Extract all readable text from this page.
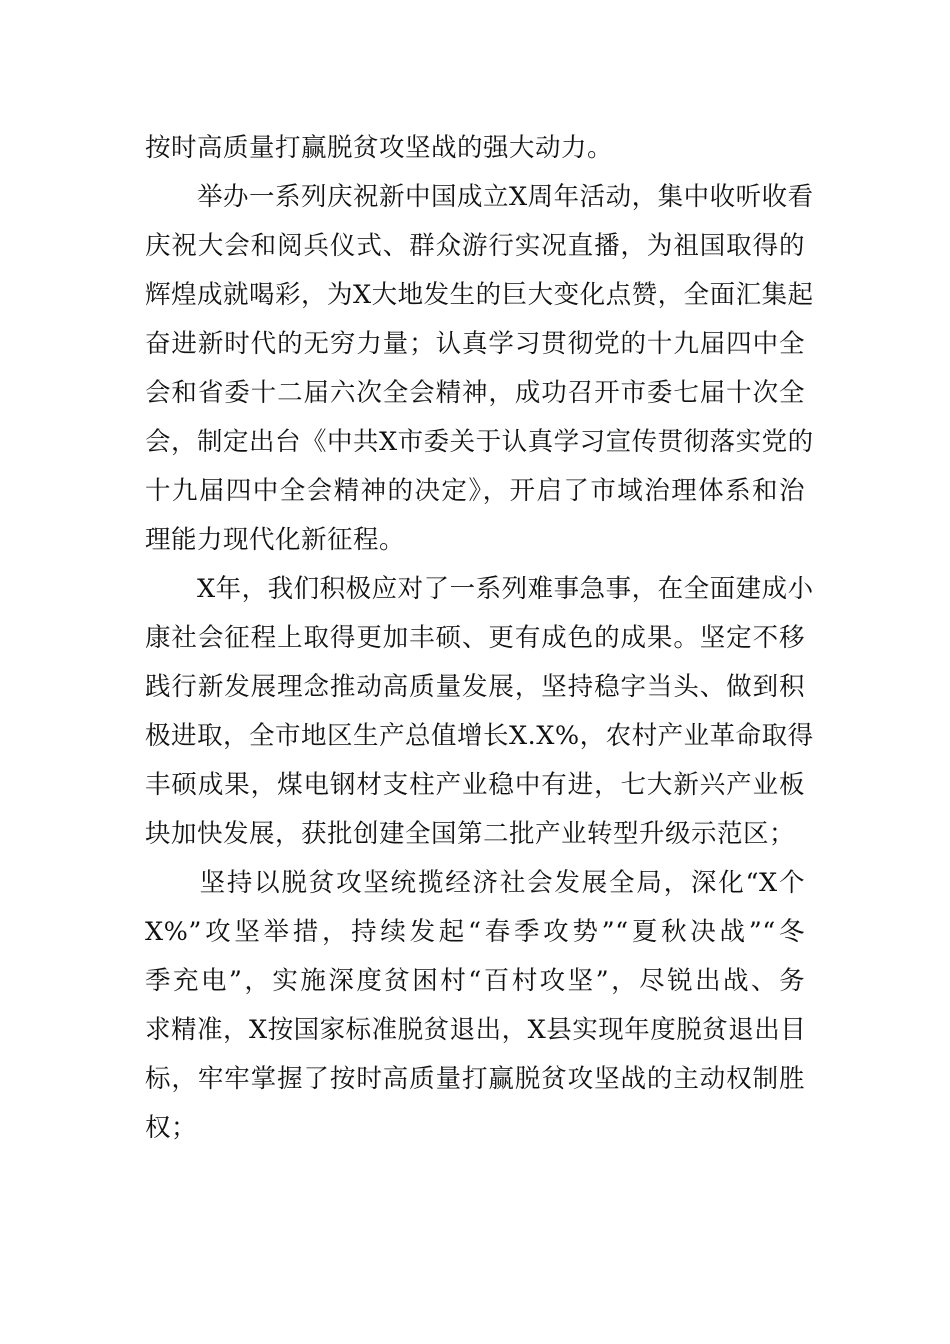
按时高质量打赢脱贫攻坚战的强大动力。
　　举办一系列庆祝新中国成立X周年活动，集中收听收看
庆祝大会和阅兵仪式、群众游行实况直播，为祖国取得的
辉煌成就喝彩，为X大地发生的巨大变化点赞，全面汇集起
奋进新时代的无穷力量；认真学习贯彻党的十九届四中全
会和省委十二届六次全会精神，成功召开市委七届十次全
会，制定出台《中共X市委关于认真学习宣传贯彻落实党的
十九届四中全会精神的决定》，开启了市域治理体系和治
理能力现代化新征程。
　　X年，我们积极应对了一系列难事急事，在全面建成小
康社会征程上取得更加丰硕、更有成色的成果。坚定不移
践行新发展理念推动高质量发展，坚持稳字当头、做到积
极进取，全市地区生产总值增长X.X%，农村产业革命取得
丰硕成果，煤电钢材支柱产业稳中有进，七大新兴产业板
块加快发展，获批创建全国第二批产业转型升级示范区；
　　坚持以脱贫攻坚统揽经济社会发展全局，深化“X个
X%”攻坚举措，持续发起“春季攻势”“夏秋决战”“冬
季充电”，实施深度贫困村“百村攻坚”，尽锐出战、务
求精准，X按国家标准脱贫退出，X县实现年度脱贫退出目
标，牢牢掌握了按时高质量打赢脱贫攻坚战的主动权制胜
权；
